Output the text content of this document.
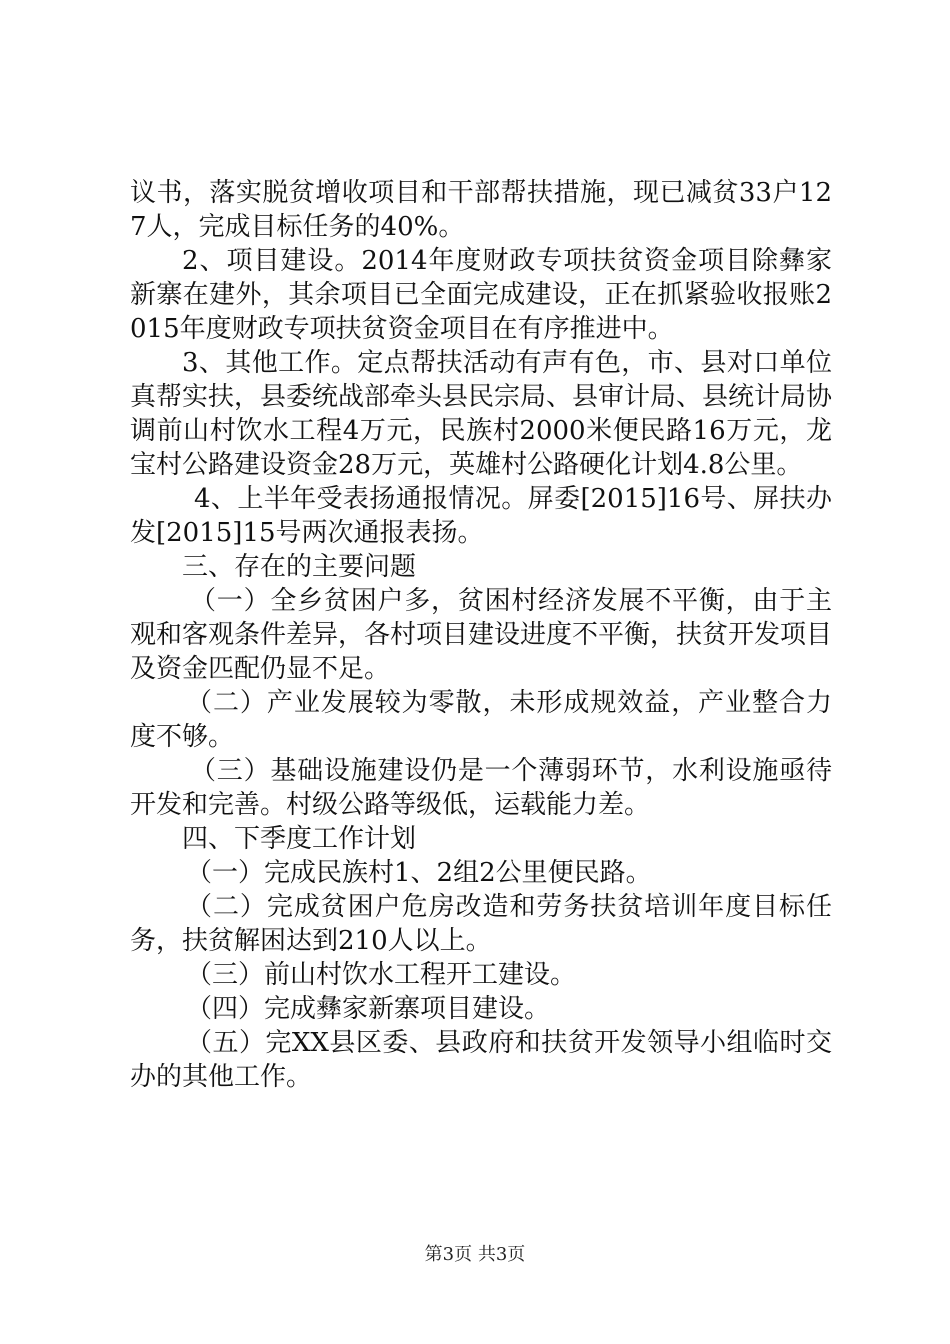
议书，落实脱贫增收项目和干部帮扶措施，现已减贫33户127人，完成目标任务的40%。

2、项目建设。2014年度财政专项扶贫资金项目除彝家新寨在建外，其余项目已全面完成建设，正在抓紧验收报账2015年度财政专项扶贫资金项目在有序推进中。

3、其他工作。定点帮扶活动有声有色，市、县对口单位真帮实扶，县委统战部牵头县民宗局、县审计局、县统计局协调前山村饮水工程4万元，民族村2000米便民路16万元，龙宝村公路建设资金28万元，英雄村公路硬化计划4.8公里。

4、上半年受表扬通报情况。屏委[2015]16号、屏扶办发[2015]15号两次通报表扬。

三、存在的主要问题

（一）全乡贫困户多，贫困村经济发展不平衡，由于主观和客观条件差异，各村项目建设进度不平衡，扶贫开发项目及资金匹配仍显不足。

（二）产业发展较为零散，未形成规效益，产业整合力度不够。

（三）基础设施建设仍是一个薄弱环节，水利设施亟待开发和完善。村级公路等级低，运载能力差。

四、下季度工作计划

（一）完成民族村1、2组2公里便民路。

（二）完成贫困户危房改造和劳务扶贫培训年度目标任务，扶贫解困达到210人以上。

（三）前山村饮水工程开工建设。

（四）完成彝家新寨项目建设。

（五）完XX县区委、县政府和扶贫开发领导小组临时交办的其他工作。

第3页 共3页
